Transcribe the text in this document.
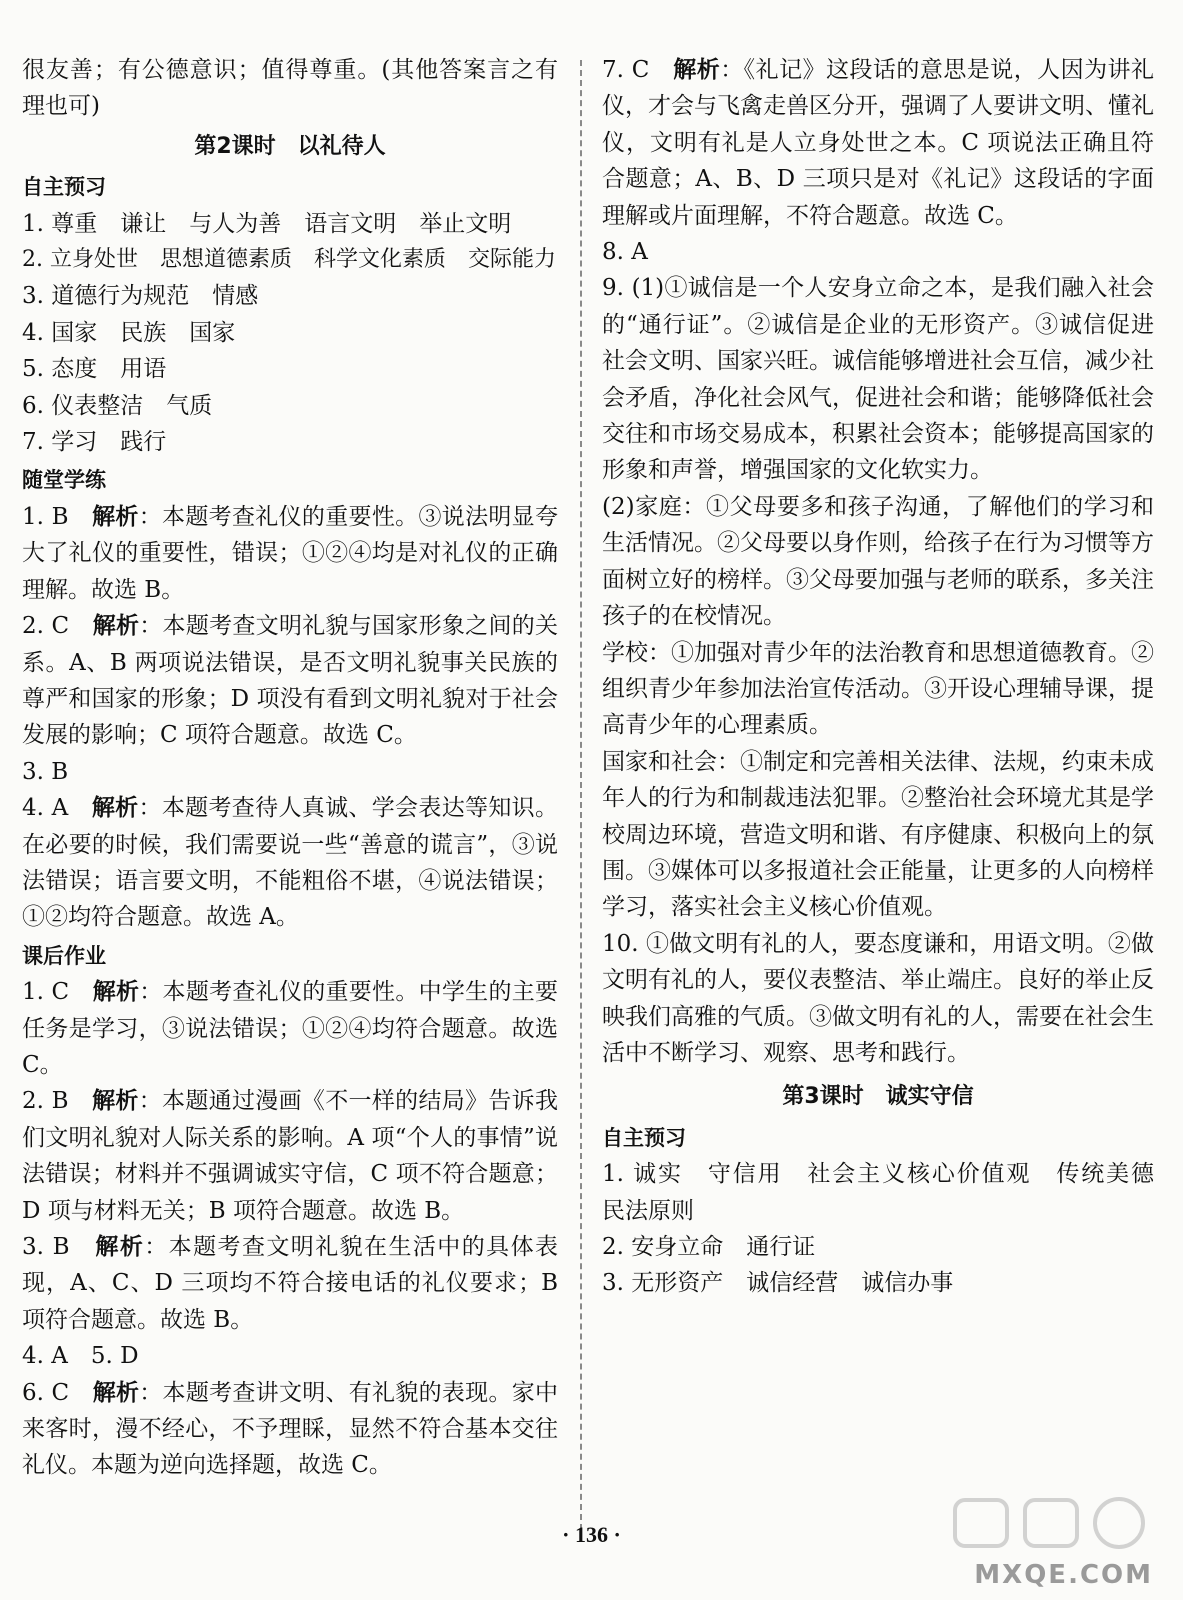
很友善；有公德意识；值得尊重。(其他答案言之有理也可)

第2课时　以礼待人
自主预习

1. 尊重　谦让　与人为善　语言文明　举止文明

2. 立身处世　思想道德素质　科学文化素质　交际能力

3. 道德行为规范　情感

4. 国家　民族　国家

5. 态度　用语

6. 仪表整洁　气质

7. 学习　践行

随堂学练

1. B　解析：本题考查礼仪的重要性。③说法明显夸大了礼仪的重要性，错误；①②④均是对礼仪的正确理解。故选 B。

2. C　解析：本题考查文明礼貌与国家形象之间的关系。A、B 两项说法错误，是否文明礼貌事关民族的尊严和国家的形象；D 项没有看到文明礼貌对于社会发展的影响；C 项符合题意。故选 C。

3. B

4. A　解析：本题考查待人真诚、学会表达等知识。在必要的时候，我们需要说一些“善意的谎言”，③说法错误；语言要文明，不能粗俗不堪，④说法错误；①②均符合题意。故选 A。

课后作业

1. C　解析：本题考查礼仪的重要性。中学生的主要任务是学习，③说法错误；①②④均符合题意。故选 C。

2. B　解析：本题通过漫画《不一样的结局》告诉我们文明礼貌对人际关系的影响。A 项“个人的事情”说法错误；材料并不强调诚实守信，C 项不符合题意；D 项与材料无关；B 项符合题意。故选 B。

3. B　解析：本题考查文明礼貌在生活中的具体表现，A、C、D 三项均不符合接电话的礼仪要求；B 项符合题意。故选 B。

4. A　5. D

6. C　解析：本题考查讲文明、有礼貌的表现。家中来客时，漫不经心，不予理睬，显然不符合基本交往礼仪。本题为逆向选择题，故选 C。

7. C　解析：《礼记》这段话的意思是说，人因为讲礼仪，才会与飞禽走兽区分开，强调了人要讲文明、懂礼仪，文明有礼是人立身处世之本。C 项说法正确且符合题意；A、B、D 三项只是对《礼记》这段话的字面理解或片面理解，不符合题意。故选 C。

8. A

9. (1)①诚信是一个人安身立命之本，是我们融入社会的“通行证”。②诚信是企业的无形资产。③诚信促进社会文明、国家兴旺。诚信能够增进社会互信，减少社会矛盾，净化社会风气，促进社会和谐；能够降低社会交往和市场交易成本，积累社会资本；能够提高国家的形象和声誉，增强国家的文化软实力。

(2)家庭：①父母要多和孩子沟通，了解他们的学习和生活情况。②父母要以身作则，给孩子在行为习惯等方面树立好的榜样。③父母要加强与老师的联系，多关注孩子的在校情况。

学校：①加强对青少年的法治教育和思想道德教育。②组织青少年参加法治宣传活动。③开设心理辅导课，提高青少年的心理素质。

国家和社会：①制定和完善相关法律、法规，约束未成年人的行为和制裁违法犯罪。②整治社会环境尤其是学校周边环境，营造文明和谐、有序健康、积极向上的氛围。③媒体可以多报道社会正能量，让更多的人向榜样学习，落实社会主义核心价值观。

10. ①做文明有礼的人，要态度谦和，用语文明。②做文明有礼的人，要仪表整洁、举止端庄。良好的举止反映我们高雅的气质。③做文明有礼的人，需要在社会生活中不断学习、观察、思考和践行。

第3课时　诚实守信
自主预习

1. 诚实　守信用　社会主义核心价值观　传统美德　民法原则

2. 安身立命　通行证

3. 无形资产　诚信经营　诚信办事

· 136 ·
MXQE.COM
